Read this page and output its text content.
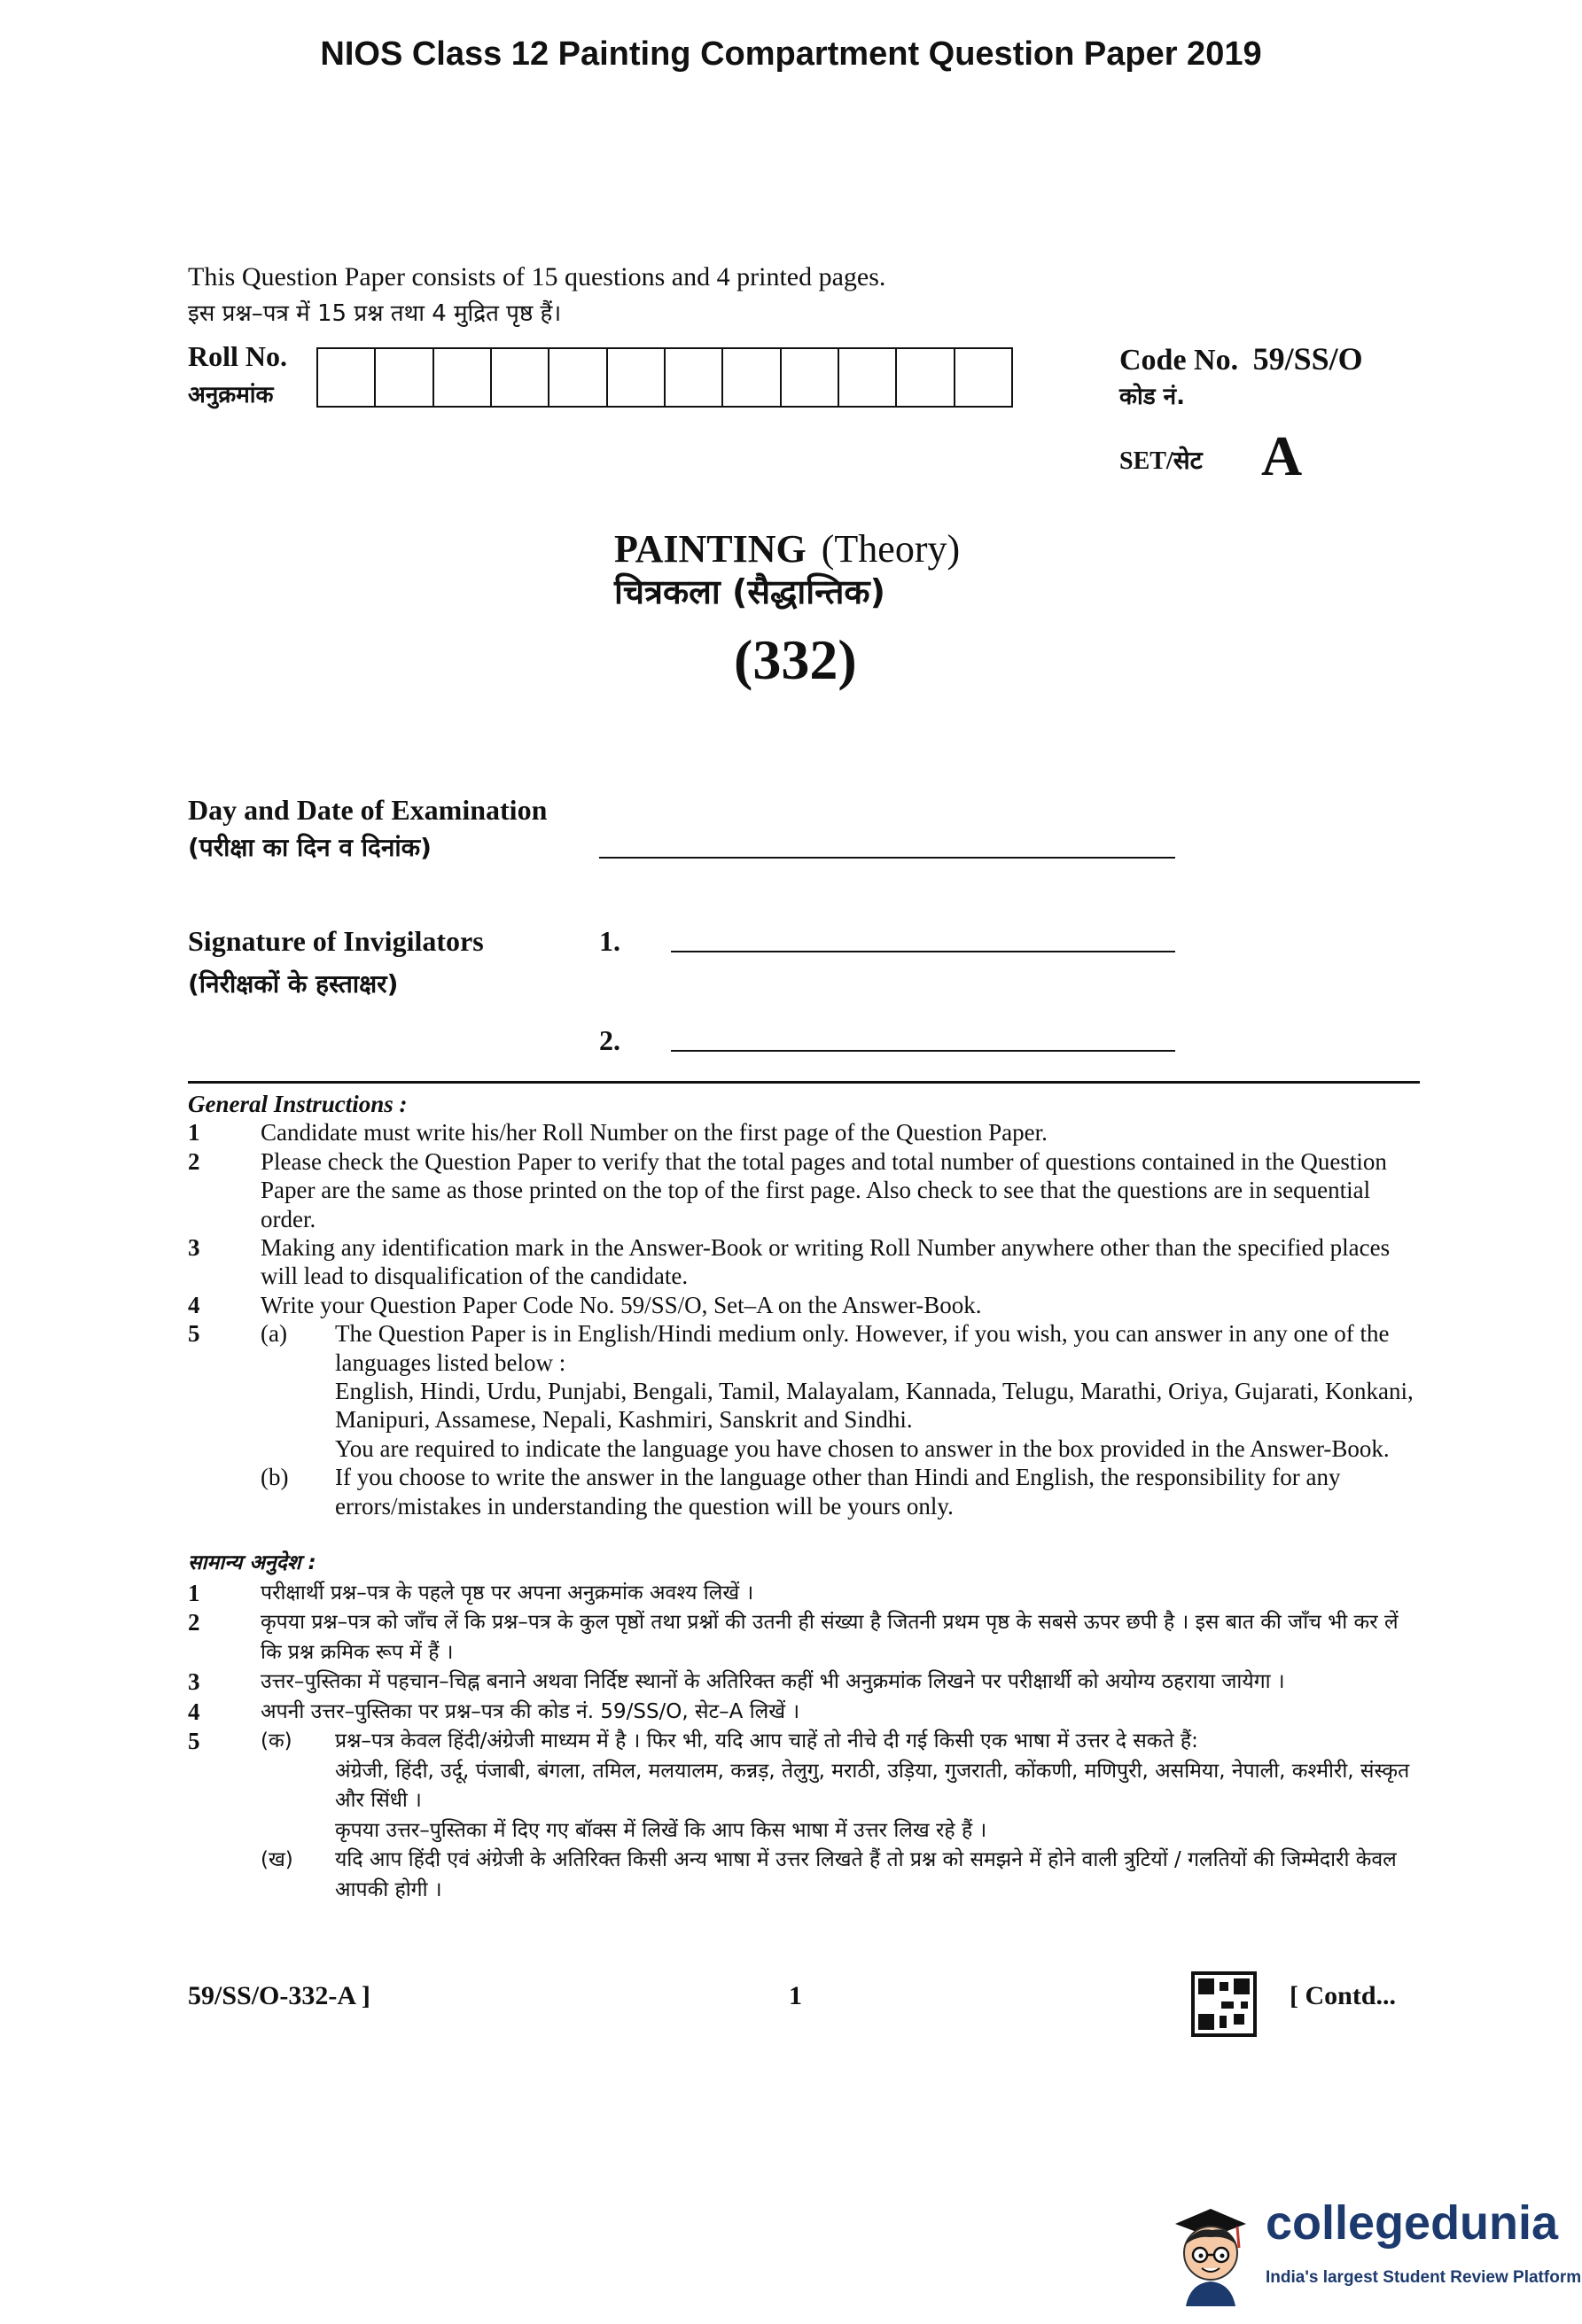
NIOS Class 12 Painting Compartment Question Paper 2019
This Question Paper consists of 15 questions and 4 printed pages.
इस प्रश्न–पत्र में 15 प्रश्न तथा 4 मुद्रित पृष्ठ हैं।
Roll No.
अनुक्रमांक
Code No. 59/SS/O
कोड नं.
SET/सेट A
PAINTING (Theory)
चित्रकला (सैद्धान्तिक)
(332)
Day and Date of Examination
(परीक्षा का दिन व दिनांक)
Signature of Invigilators
(निरीक्षकों के हस्ताक्षर)
1.
2.
General Instructions :
1	Candidate must write his/her Roll Number on the first page of the Question Paper.
2	Please check the Question Paper to verify that the total pages and total number of questions contained in the Question Paper are the same as those printed on the top of the first page. Also check to see that the questions are in sequential order.
3	Making any identification mark in the Answer-Book or writing Roll Number anywhere other than the specified places will lead to disqualification of the candidate.
4	Write your Question Paper Code No. 59/SS/O, Set–A on the Answer-Book.
5	(a) The Question Paper is in English/Hindi medium only. However, if you wish, you can answer in any one of the languages listed below :
English, Hindi, Urdu, Punjabi, Bengali, Tamil, Malayalam, Kannada, Telugu, Marathi, Oriya, Gujarati, Konkani, Manipuri, Assamese, Nepali, Kashmiri, Sanskrit and Sindhi.
You are required to indicate the language you have chosen to answer in the box provided in the Answer-Book.
(b) If you choose to write the answer in the language other than Hindi and English, the responsibility for any errors/mistakes in understanding the question will be yours only.
सामान्य अनुदेश :
1	परीक्षार्थी प्रश्न–पत्र के पहले पृष्ठ पर अपना अनुक्रमांक अवश्य लिखें ।
2	कृपया प्रश्न–पत्र को जाँच लें कि प्रश्न–पत्र के कुल पृष्ठों तथा प्रश्नों की उतनी ही संख्या है जितनी प्रथम पृष्ठ के सबसे ऊपर छपी है । इस बात की जाँच भी कर लें कि प्रश्न क्रमिक रूप में हैं ।
3	उत्तर–पुस्तिका में पहचान–चिह्न बनाने अथवा निर्दिष्ट स्थानों के अतिरिक्त कहीं भी अनुक्रमांक लिखने पर परीक्षार्थी को अयोग्य ठहराया जायेगा ।
4	अपनी उत्तर–पुस्तिका पर प्रश्न–पत्र की कोड नं. 59/SS/O, सेट–A लिखें ।
5	(क) प्रश्न–पत्र केवल हिंदी/अंग्रेजी माध्यम में है । फिर भी, यदि आप चाहें तो नीचे दी गई किसी एक भाषा में उत्तर दे सकते हैं:
अंग्रेजी, हिंदी, उर्दू, पंजाबी, बंगला, तमिल, मलयालम, कन्नड़, तेलुगु, मराठी, उड़िया, गुजराती, कोंकणी, मणिपुरी, असमिया, नेपाली, कश्मीरी, संस्कृत और सिंधी ।
कृपया उत्तर–पुस्तिका में दिए गए बॉक्स में लिखें कि आप किस भाषा में उत्तर लिख रहे हैं ।
(ख) यदि आप हिंदी एवं अंग्रेजी के अतिरिक्त किसी अन्य भाषा में उत्तर लिखते हैं तो प्रश्न को समझने में होने वाली त्रुटियों / गलतियों की जिम्मेदारी केवल आपकी होगी ।
59/SS/O-332-A ]	1	[ Contd...
collegedunia
India's largest Student Review Platform
